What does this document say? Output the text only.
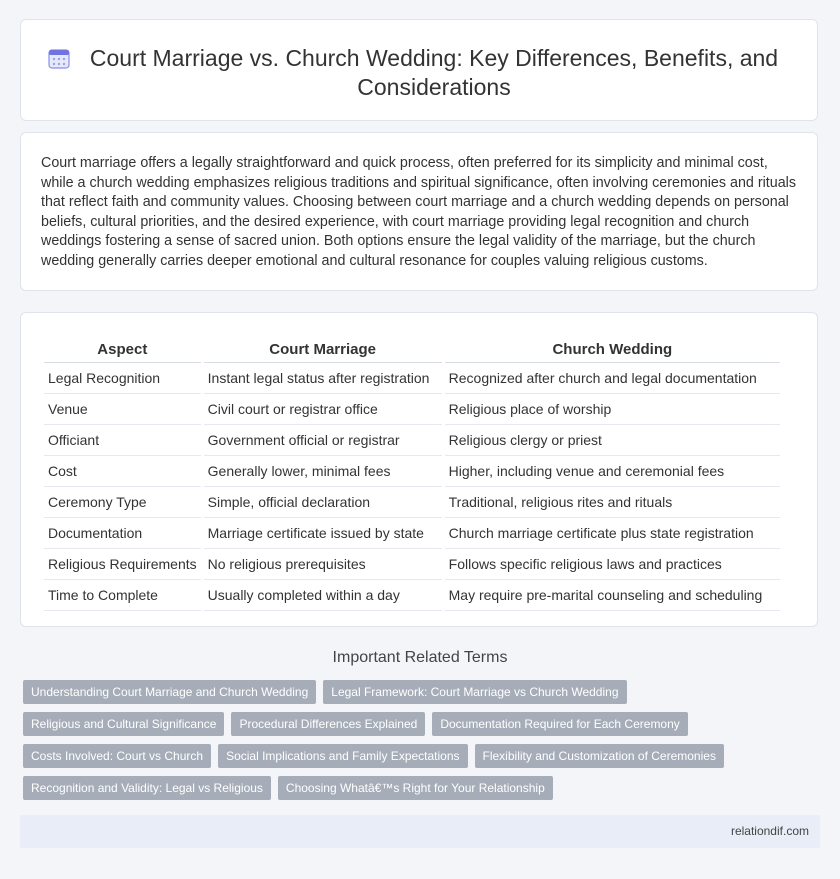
Court Marriage vs. Church Wedding: Key Differences, Benefits, and Considerations

Court marriage offers a legally straightforward and quick process, often preferred for its simplicity and minimal cost, while a church wedding emphasizes religious traditions and spiritual significance, often involving ceremonies and rituals that reflect faith and community values. Choosing between court marriage and a church wedding depends on personal beliefs, cultural priorities, and the desired experience, with court marriage providing legal recognition and church weddings fostering a sense of sacred union. Both options ensure the legal validity of the marriage, but the church wedding generally carries deeper emotional and cultural resonance for couples valuing religious customs.

Aspect	Court Marriage	Church Wedding
Legal Recognition	Instant legal status after registration	Recognized after church and legal documentation
Venue	Civil court or registrar office	Religious place of worship
Officiant	Government official or registrar	Religious clergy or priest
Cost	Generally lower, minimal fees	Higher, including venue and ceremonial fees
Ceremony Type	Simple, official declaration	Traditional, religious rites and rituals
Documentation	Marriage certificate issued by state	Church marriage certificate plus state registration
Religious Requirements	No religious prerequisites	Follows specific religious laws and practices
Time to Complete	Usually completed within a day	May require pre-marital counseling and scheduling
Important Related Terms
Understanding Court Marriage and Church Wedding	Legal Framework: Court Marriage vs Church Wedding
Religious and Cultural Significance	Procedural Differences Explained	Documentation Required for Each Ceremony
Costs Involved: Court vs Church	Social Implications and Family Expectations	Flexibility and Customization of Ceremonies
Recognition and Validity: Legal vs Religious	Choosing Whatâ€™s Right for Your Relationship
relationdif.com
